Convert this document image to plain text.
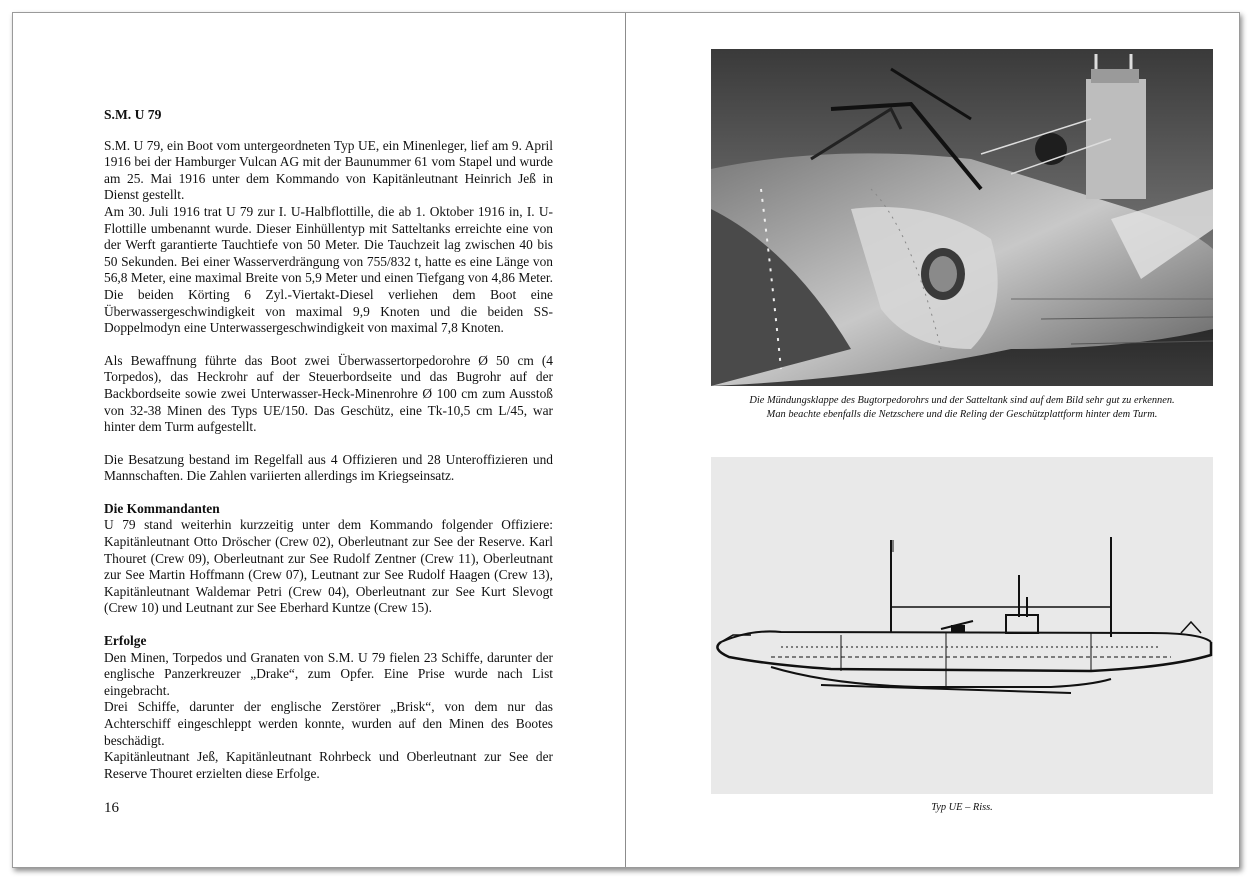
S.M. U 79

S.M. U 79, ein Boot vom untergeordneten Typ UE, ein Minenleger, lief am 9. April 1916 bei der Hamburger Vulcan AG mit der Baunummer 61 vom Stapel und wurde am 25. Mai 1916 unter dem Kommando von Kapitänleutnant Heinrich Jeß in Dienst gestellt.

Am 30. Juli 1916 trat U 79 zur I. U-Halbflottille, die ab 1. Oktober 1916 in, I. U-Flottille umbenannt wurde. Dieser Einhüllentyp mit Satteltanks erreichte eine von der Werft garantierte Tauchtiefe von 50 Meter. Die Tauchzeit lag zwischen 40 bis 50 Sekunden. Bei einer Wasserverdrängung von 755/832 t, hatte es eine Länge von 56,8 Meter, eine maximal Breite von 5,9 Meter und einen Tiefgang von 4,86 Meter. Die beiden Körting 6 Zyl.-Viertakt-Diesel verliehen dem Boot eine Überwassergeschwindigkeit von maximal 9,9 Knoten und die beiden SS-Doppelmodyn eine Unterwassergeschwindigkeit von maximal 7,8 Knoten.

Als Bewaffnung führte das Boot zwei Überwassertorpedorohre Ø 50 cm (4 Torpedos), das Heckrohr auf der Steuerbordseite und das Bugrohr auf der Backbordseite sowie zwei Unterwasser-Heck-Minenrohre Ø 100 cm zum Ausstoß von 32-38 Minen des Typs UE/150. Das Geschütz, eine Tk-10,5 cm L/45, war hinter dem Turm aufgestellt.

Die Besatzung bestand im Regelfall aus 4 Offizieren und 28 Unteroffizieren und Mannschaften. Die Zahlen variierten allerdings im Kriegseinsatz.

Die Kommandanten

U 79 stand weiterhin kurzzeitig unter dem Kommando folgender Offiziere: Kapitänleutnant Otto Dröscher (Crew 02), Oberleutnant zur See der Reserve. Karl Thouret (Crew 09), Oberleutnant zur See Rudolf Zentner (Crew 11), Oberleutnant zur See Martin Hoffmann (Crew 07), Leutnant zur See Rudolf Haagen (Crew 13), Kapitänleutnant Waldemar Petri (Crew 04), Oberleutnant zur See Kurt Slevogt (Crew 10) und Leutnant zur See Eberhard Kuntze (Crew 15).

Erfolge

Den Minen, Torpedos und Granaten von S.M. U 79 fielen 23 Schiffe, darunter der englische Panzerkreuzer „Drake“, zum Opfer. Eine Prise wurde nach List eingebracht.

Drei Schiffe, darunter der englische Zerstörer „Brisk“, von dem nur das Achterschiff eingeschleppt werden konnte, wurden auf den Minen des Bootes beschädigt.

Kapitänleutnant Jeß, Kapitänleutnant Rohrbeck und Oberleutnant zur See der Reserve Thouret erzielten diese Erfolge.

16
Die Mündungsklappe des Bugtorpedorohrs und der Satteltank sind auf dem Bild sehr gut zu erkennen.
Man beachte ebenfalls die Netzschere und die Reling der Geschützplattform hinter dem Turm.
Typ UE – Riss.
